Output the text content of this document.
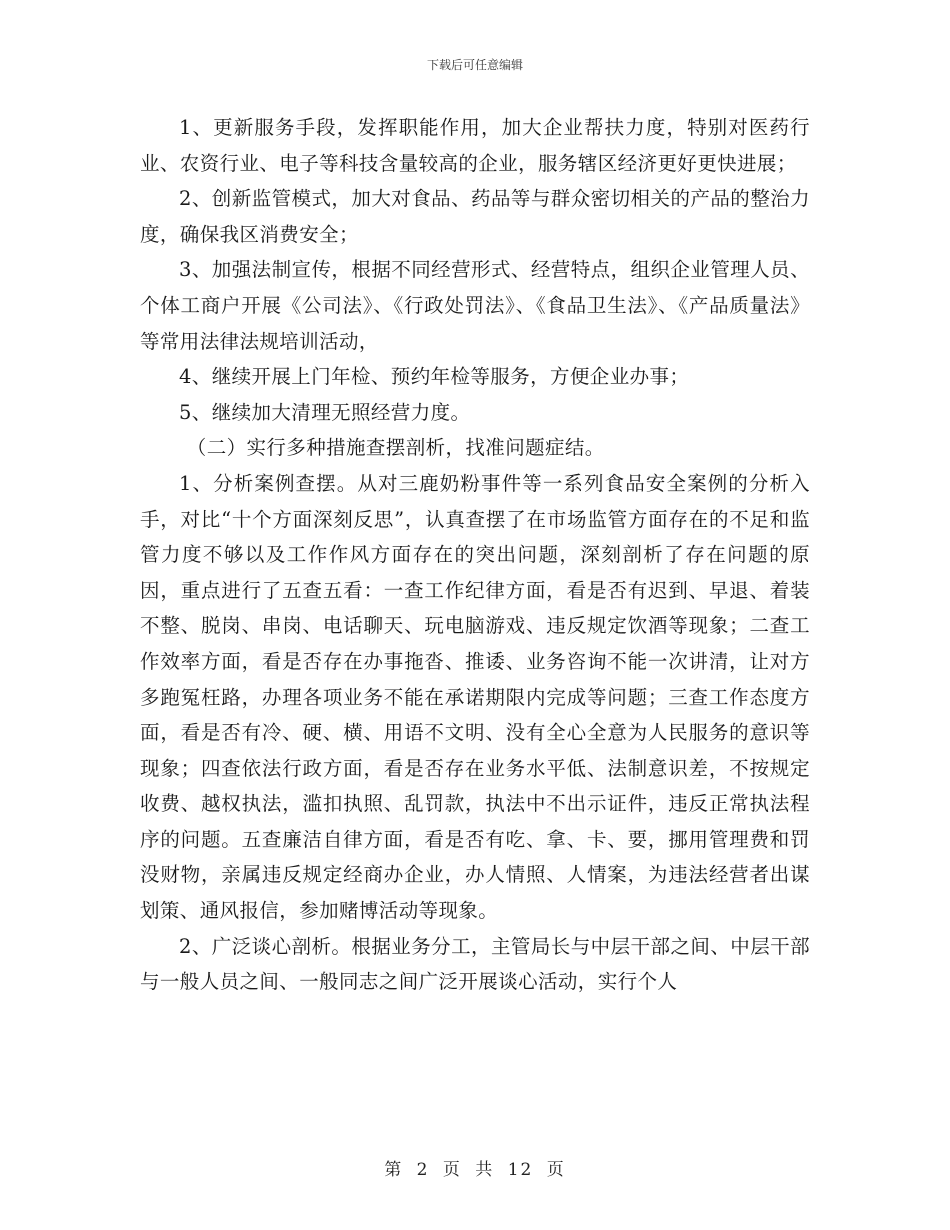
下载后可任意编辑

1、更新服务手段，发挥职能作用，加大企业帮扶力度，特别对医药行业、农资行业、电子等科技含量较高的企业，服务辖区经济更好更快进展；

2、创新监管模式，加大对食品、药品等与群众密切相关的产品的整治力度，确保我区消费安全；

3、加强法制宣传，根据不同经营形式、经营特点，组织企业管理人员、个体工商户开展《公司法》、《行政处罚法》、《食品卫生法》、《产品质量法》等常用法律法规培训活动，

4、继续开展上门年检、预约年检等服务，方便企业办事；

5、继续加大清理无照经营力度。

（二）实行多种措施查摆剖析，找准问题症结。

1、分析案例查摆。从对三鹿奶粉事件等一系列食品安全案例的分析入手，对比“十个方面深刻反思”，认真查摆了在市场监管方面存在的不足和监管力度不够以及工作作风方面存在的突出问题，深刻剖析了存在问题的原因，重点进行了五查五看：一查工作纪律方面，看是否有迟到、早退、着装不整、脱岗、串岗、电话聊天、玩电脑游戏、违反规定饮酒等现象；二查工作效率方面，看是否存在办事拖沓、推诿、业务咨询不能一次讲清，让对方多跑冤枉路，办理各项业务不能在承诺期限内完成等问题；三查工作态度方面，看是否有冷、硬、横、用语不文明、没有全心全意为人民服务的意识等现象；四查依法行政方面，看是否存在业务水平低、法制意识差，不按规定收费、越权执法，滥扣执照、乱罚款，执法中不出示证件，违反正常执法程序的问题。五查廉洁自律方面，看是否有吃、拿、卡、要，挪用管理费和罚没财物，亲属违反规定经商办企业，办人情照、人情案，为违法经营者出谋划策、通风报信，参加赌博活动等现象。

2、广泛谈心剖析。根据业务分工，主管局长与中层干部之间、中层干部与一般人员之间、一般同志之间广泛开展谈心活动，实行个人

第 2 页 共 12 页
